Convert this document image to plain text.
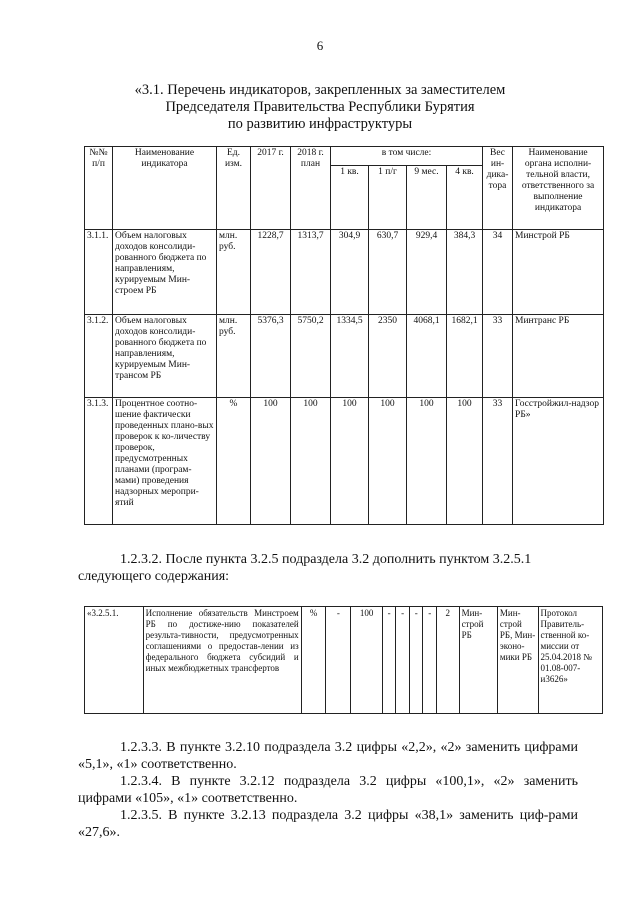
6
«3.1. Перечень индикаторов, закрепленных за заместителем
Председателя Правительства Республики Бурятия
по развитию инфраструктуры
№№ п/п	Наименование индикатора	Ед. изм.	2017 г.	2018 г. план	в том числе:				Вес ин-дика-тора	Наименование органа исполни-тельной власти, ответственного за выполнение индикатора
					1 кв.	1 п/г	9 мес.	4 кв.		
3.1.1.	Объем налоговых доходов консолиди-рованного бюджета по направлениям, курируемым Мин-строем РБ	млн. руб.	1228,7	1313,7	304,9	630,7	929,4	384,3	34	Минстрой РБ
3.1.2.	Объем налоговых доходов консолиди-рованного бюджета по направлениям, курируемым Мин-трансом РБ	млн. руб.	5376,3	5750,2	1334,5	2350	4068,1	1682,1	33	Минтранс РБ
3.1.3.	Процентное соотно-шение фактически проведенных плано-вых проверок к ко-личеству проверок, предусмотренных планами (програм-мами) проведения надзорных меропри-ятий	%	100	100	100	100	100	100	33	Госстройжил-надзор РБ»
1.2.3.2. После пункта 3.2.5 подраздела 3.2 дополнить пунктом 3.2.5.1 следующего содержания:
«3.2.5.1.	Исполнение обязательств Минстроем РБ по достиже-нию показателей результа-тивности, предусмотренных соглашениями о предостав-лении из федерального бюджета субсидий и иных межбюджетных трансфертов	%	-	100	-	-	-	-	2	Мин-строй РБ	Мин-строй РБ, Мин-эконо-мики РБ	Протокол Правитель-ственной ко-миссии от 25.04.2018 № 01.08-007-и3626»
1.2.3.3. В пункте 3.2.10 подраздела 3.2 цифры «2,2», «2» заменить цифрами «5,1», «1» соответственно.
1.2.3.4. В пункте 3.2.12 подраздела 3.2 цифры «100,1», «2» заменить цифрами «105», «1» соответственно.
1.2.3.5. В пункте 3.2.13 подраздела 3.2 цифры «38,1» заменить циф-рами «27,6».
